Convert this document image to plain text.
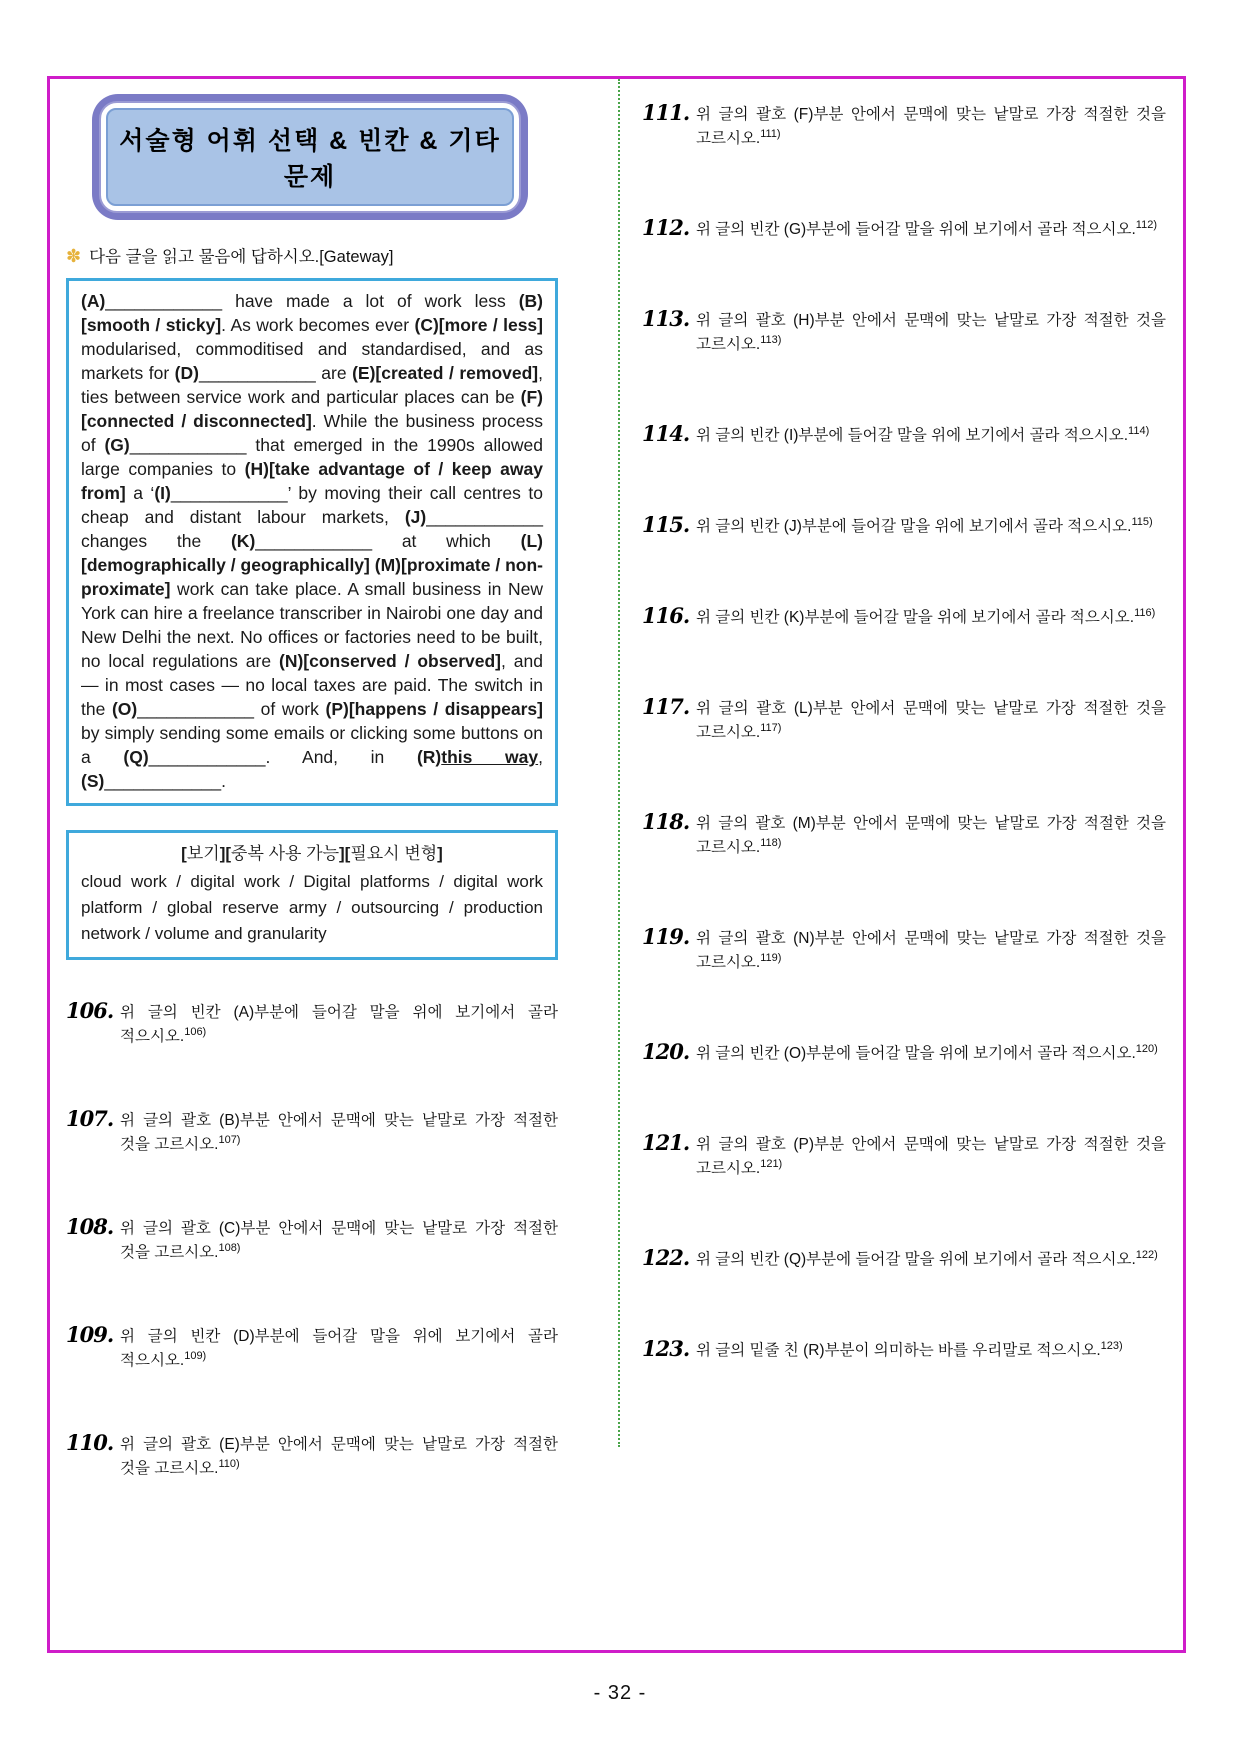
서술형 어휘 선택 & 빈칸 & 기타 문제
✽ 다음 글을 읽고 물음에 답하시오.[Gateway]
(A)____________ have made a lot of work less (B)[smooth / sticky]. As work becomes ever (C)[more / less] modularised, commoditised and standardised, and as markets for (D)____________ are (E)[created / removed], ties between service work and particular places can be (F)[connected / disconnected]. While the business process of (G)____________ that emerged in the 1990s allowed large companies to (H)[take advantage of / keep away from] a ‘(I)____________’ by moving their call centres to cheap and distant labour markets, (J)____________ changes the (K)____________ at which (L)[demographically / geographically] (M)[proximate / non-proximate] work can take place. A small business in New York can hire a freelance transcriber in Nairobi one day and New Delhi the next. No offices or factories need to be built, no local regulations are (N)[conserved / observed], and — in most cases — no local taxes are paid. The switch in the (O)____________ of work (P)[happens / disappears] by simply sending some emails or clicking some buttons on a (Q)____________. And, in (R)this way, (S)____________.
[보기][중복 사용 가능][필요시 변형]
cloud work / digital work / Digital platforms / digital work platform / global reserve army / outsourcing / production network / volume and granularity
106. 위 글의 빈칸 (A)부분에 들어갈 말을 위에 보기에서 골라 적으시오.$^{106)}$
107. 위 글의 괄호 (B)부분 안에서 문맥에 맞는 낱말로 가장 적절한 것을 고르시오.$^{107)}$
108. 위 글의 괄호 (C)부분 안에서 문맥에 맞는 낱말로 가장 적절한 것을 고르시오.$^{108)}$
109. 위 글의 빈칸 (D)부분에 들어갈 말을 위에 보기에서 골라 적으시오.$^{109)}$
110. 위 글의 괄호 (E)부분 안에서 문맥에 맞는 낱말로 가장 적절한 것을 고르시오.$^{110)}$
111. 위 글의 괄호 (F)부분 안에서 문맥에 맞는 낱말로 가장 적절한 것을 고르시오.$^{111)}$
112. 위 글의 빈칸 (G)부분에 들어갈 말을 위에 보기에서 골라 적으시오.$^{112)}$
113. 위 글의 괄호 (H)부분 안에서 문맥에 맞는 낱말로 가장 적절한 것을 고르시오.$^{113)}$
114. 위 글의 빈칸 (I)부분에 들어갈 말을 위에 보기에서 골라 적으시오.$^{114)}$
115. 위 글의 빈칸 (J)부분에 들어갈 말을 위에 보기에서 골라 적으시오.$^{115)}$
116. 위 글의 빈칸 (K)부분에 들어갈 말을 위에 보기에서 골라 적으시오.$^{116)}$
117. 위 글의 괄호 (L)부분 안에서 문맥에 맞는 낱말로 가장 적절한 것을 고르시오.$^{117)}$
118. 위 글의 괄호 (M)부분 안에서 문맥에 맞는 낱말로 가장 적절한 것을 고르시오.$^{118)}$
119. 위 글의 괄호 (N)부분 안에서 문맥에 맞는 낱말로 가장 적절한 것을 고르시오.$^{119)}$
120. 위 글의 빈칸 (O)부분에 들어갈 말을 위에 보기에서 골라 적으시오.$^{120)}$
121. 위 글의 괄호 (P)부분 안에서 문맥에 맞는 낱말로 가장 적절한 것을 고르시오.$^{121)}$
122. 위 글의 빈칸 (Q)부분에 들어갈 말을 위에 보기에서 골라 적으시오.$^{122)}$
123. 위 글의 밑줄 친 (R)부분이 의미하는 바를 우리말로 적으시오.$^{123)}$
- 32 -
